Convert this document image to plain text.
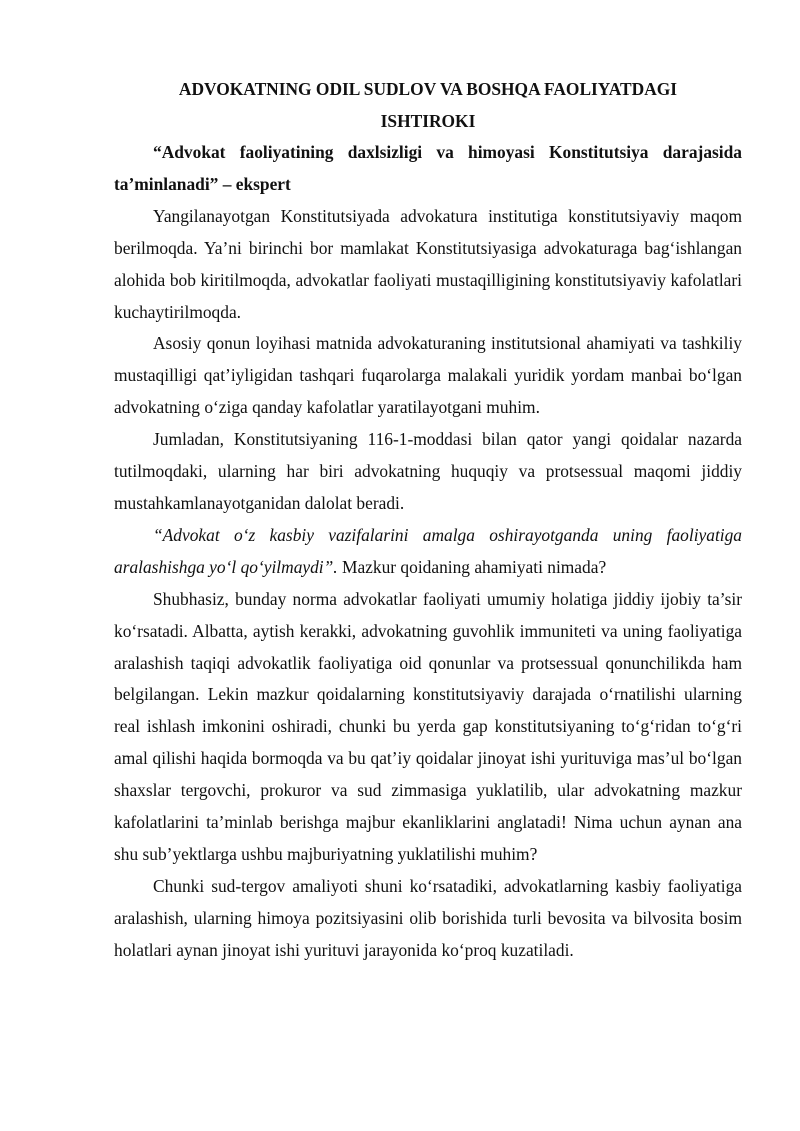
ADVOKATNING ODIL SUDLOV VA BOSHQA FAOLIYATDAGI
ISHTIROKI

“Advokat faoliyatining daxlsizligi va himoyasi Konstitutsiya darajasida ta’minlanadi” – ekspert

Yangilanayotgan Konstitutsiyada advokatura institutiga konstitutsiyaviy maqom berilmoqda. Ya’ni birinchi bor mamlakat Konstitutsiyasiga advokaturaga bag‘ishlangan alohida bob kiritilmoqda, advokatlar faoliyati mustaqilligining konstitutsiyaviy kafolatlari kuchaytirilmoqda.

Asosiy qonun loyihasi matnida advokaturaning institutsional ahamiyati va tashkiliy mustaqilligi qat’iyligidan tashqari fuqarolarga malakali yuridik yordam manbai bo‘lgan advokatning o‘ziga qanday kafolatlar yaratilayotgani muhim.

Jumladan, Konstitutsiyaning 116-1-moddasi bilan qator yangi qoidalar nazarda tutilmoqdaki, ularning har biri advokatning huquqiy va protsessual maqomi jiddiy mustahkamlanayotganidan dalolat beradi.

“Advokat o‘z kasbiy vazifalarini amalga oshirayotganda uning faoliyatiga aralashishga yo‘l qo‘yilmaydi”. Mazkur qoidaning ahamiyati nimada?

Shubhasiz, bunday norma advokatlar faoliyati umumiy holatiga jiddiy ijobiy ta’sir ko‘rsatadi. Albatta, aytish kerakki, advokatning guvohlik immuniteti va uning faoliyatiga aralashish taqiqi advokatlik faoliyatiga oid qonunlar va protsessual qonunchilikda ham belgilangan. Lekin mazkur qoidalarning konstitutsiyaviy darajada o‘rnatilishi ularning real ishlash imkonini oshiradi, chunki bu yerda gap konstitutsiyaning to‘g‘ridan to‘g‘ri amal qilishi haqida bormoqda va bu qat’iy qoidalar jinoyat ishi yurituviga mas’ul bo‘lgan shaxslar tergovchi, prokuror va sud zimmasiga yuklatilib, ular advokatning mazkur kafolatlarini ta’minlab berishga majbur ekanliklarini anglatadi! Nima uchun aynan ana shu sub’yektlarga ushbu majburiyatning yuklatilishi muhim?

Chunki sud-tergov amaliyoti shuni ko‘rsatadiki, advokatlarning kasbiy faoliyatiga aralashish, ularning himoya pozitsiyasini olib borishida turli bevosita va bilvosita bosim holatlari aynan jinoyat ishi yurituvi jarayonida ko‘proq kuzatiladi.
